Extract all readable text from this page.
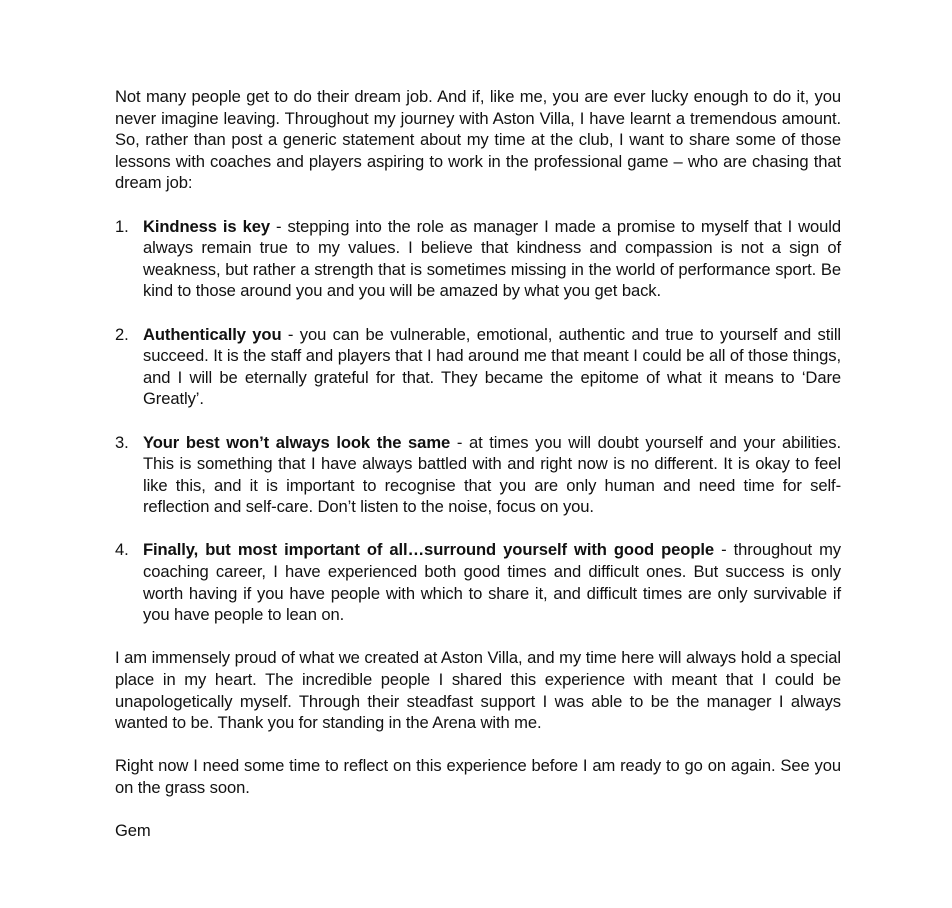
Not many people get to do their dream job. And if, like me, you are ever lucky enough to do it, you never imagine leaving. Throughout my journey with Aston Villa, I have learnt a tremendous amount. So, rather than post a generic statement about my time at the club, I want to share some of those lessons with coaches and players aspiring to work in the professional game – who are chasing that dream job:

1. Kindness is key - stepping into the role as manager I made a promise to myself that I would always remain true to my values. I believe that kindness and compassion is not a sign of weakness, but rather a strength that is sometimes missing in the world of performance sport. Be kind to those around you and you will be amazed by what you get back.
2. Authentically you - you can be vulnerable, emotional, authentic and true to yourself and still succeed. It is the staff and players that I had around me that meant I could be all of those things, and I will be eternally grateful for that. They became the epitome of what it means to ‘Dare Greatly’.
3. Your best won’t always look the same - at times you will doubt yourself and your abilities. This is something that I have always battled with and right now is no different. It is okay to feel like this, and it is important to recognise that you are only human and need time for self-reflection and self-care. Don’t listen to the noise, focus on you.
4. Finally, but most important of all…surround yourself with good people - throughout my coaching career, I have experienced both good times and difficult ones. But success is only worth having if you have people with which to share it, and difficult times are only survivable if you have people to lean on.

I am immensely proud of what we created at Aston Villa, and my time here will always hold a special place in my heart. The incredible people I shared this experience with meant that I could be unapologetically myself. Through their steadfast support I was able to be the manager I always wanted to be. Thank you for standing in the Arena with me.

Right now I need some time to reflect on this experience before I am ready to go on again. See you on the grass soon.

Gem
